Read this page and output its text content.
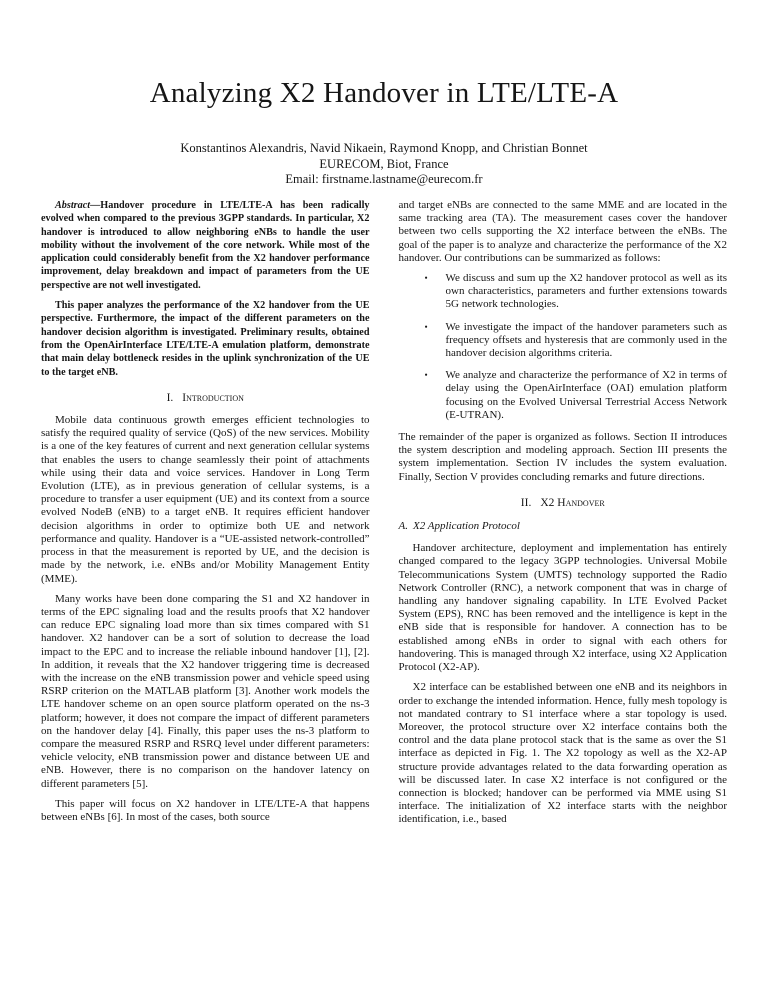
Analyzing X2 Handover in LTE/LTE-A
Konstantinos Alexandris, Navid Nikaein, Raymond Knopp, and Christian Bonnet
EURECOM, Biot, France
Email: firstname.lastname@eurecom.fr

Abstract—Handover procedure in LTE/LTE-A has been radically evolved when compared to the previous 3GPP standards. In particular, X2 handover is introduced to allow neighboring eNBs to handle the user mobility without the involvement of the core network. While most of the application could considerably benefit from the X2 handover performance improvement, delay breakdown and impact of parameters from the UE perspective are not well investigated.

This paper analyzes the performance of the X2 handover from the UE perspective. Furthermore, the impact of the different parameters on the handover decision algorithm is investigated. Preliminary results, obtained from the OpenAirInterface LTE/LTE-A emulation platform, demonstrate that main delay bottleneck resides in the uplink synchronization of the UE to the target eNB.

I. Introduction

Mobile data continuous growth emerges efficient technologies to satisfy the required quality of service (QoS) of the new services. Mobility is a one of the key features of current and next generation cellular systems that enables the users to change seamlessly their point of attachments while using their data and voice services. Handover in Long Term Evolution (LTE), as in previous generation of cellular systems, is a procedure to transfer a user equipment (UE) and its context from a source evolved NodeB (eNB) to a target eNB. It requires efficient handover decision algorithms in order to optimize both UE and network performance and quality. Handover is a “UE-assisted network-controlled” process in that the measurement is reported by UE, and the decision is made by the network, i.e. eNBs and/or Mobility Management Entity (MME).

Many works have been done comparing the S1 and X2 handover in terms of the EPC signaling load and the results proofs that X2 handover can reduce EPC signaling load more than six times compared with S1 handover. X2 handover can be a sort of solution to decrease the load impact to the EPC and to increase the reliable inbound handover [1], [2]. In addition, it reveals that the X2 handover triggering time is decreased with the increase on the eNB transmission power and vehicle speed using RSRP criterion on the MATLAB platform [3]. Another work models the LTE handover scheme on an open source platform operated on the ns-3 platform; however, it does not compare the impact of different parameters on the handover delay [4]. Finally, this paper uses the ns-3 platform to compare the measured RSRP and RSRQ level under different parameters: vehicle velocity, eNB transmission power and distance between UE and eNB. However, there is no comparison on the handover latency on different parameters [5].

This paper will focus on X2 handover in LTE/LTE-A that happens between eNBs [6]. In most of the cases, both source

and target eNBs are connected to the same MME and are located in the same tracking area (TA). The measurement cases cover the handover between two cells supporting the X2 interface between the eNBs. The goal of the paper is to analyze and characterize the performance of the X2 handover. Our contributions can be summarized as follows:

•	We discuss and sum up the X2 handover protocol as well as its own characteristics, parameters and further extensions towards 5G network technologies.
•	We investigate the impact of the handover parameters such as frequency offsets and hysteresis that are commonly used in the handover decision algorithms criteria.
•	We analyze and characterize the performance of X2 in terms of delay using the OpenAirInterface (OAI) emulation platform focusing on the Evolved Universal Terrestrial Access Network (E-UTRAN).

The remainder of the paper is organized as follows. Section II introduces the system description and modeling approach. Section III presents the system implementation. Section IV includes the system evaluation. Finally, Section V provides concluding remarks and future directions.

II. X2 Handover
A. X2 Application Protocol

Handover architecture, deployment and implementation has entirely changed compared to the legacy 3GPP technologies. Universal Mobile Telecommunications System (UMTS) technology supported the Radio Network Controller (RNC), a network component that was in charge of handling any handover signaling capability. In LTE Evolved Packet System (EPS), RNC has been removed and the intelligence is kept in the eNB side that is responsible for handover. A connection has to be established among eNBs in order to signal with each others for handovering. This is managed through X2 interface, using X2 Application Protocol (X2-AP).

X2 interface can be established between one eNB and its neighbors in order to exchange the intended information. Hence, fully mesh topology is not mandated contrary to S1 interface where a star topology is used. Moreover, the protocol structure over X2 interface contains both the control and the data plane protocol stack that is the same as over the S1 interface as depicted in Fig. 1. The X2 topology as well as the X2-AP structure provide advantages related to the data forwarding operation as will be discussed later. In case X2 interface is not configured or the connection is blocked; handover can be performed via MME using S1 interface. The initialization of X2 interface starts with the neighbor identification, i.e., based
